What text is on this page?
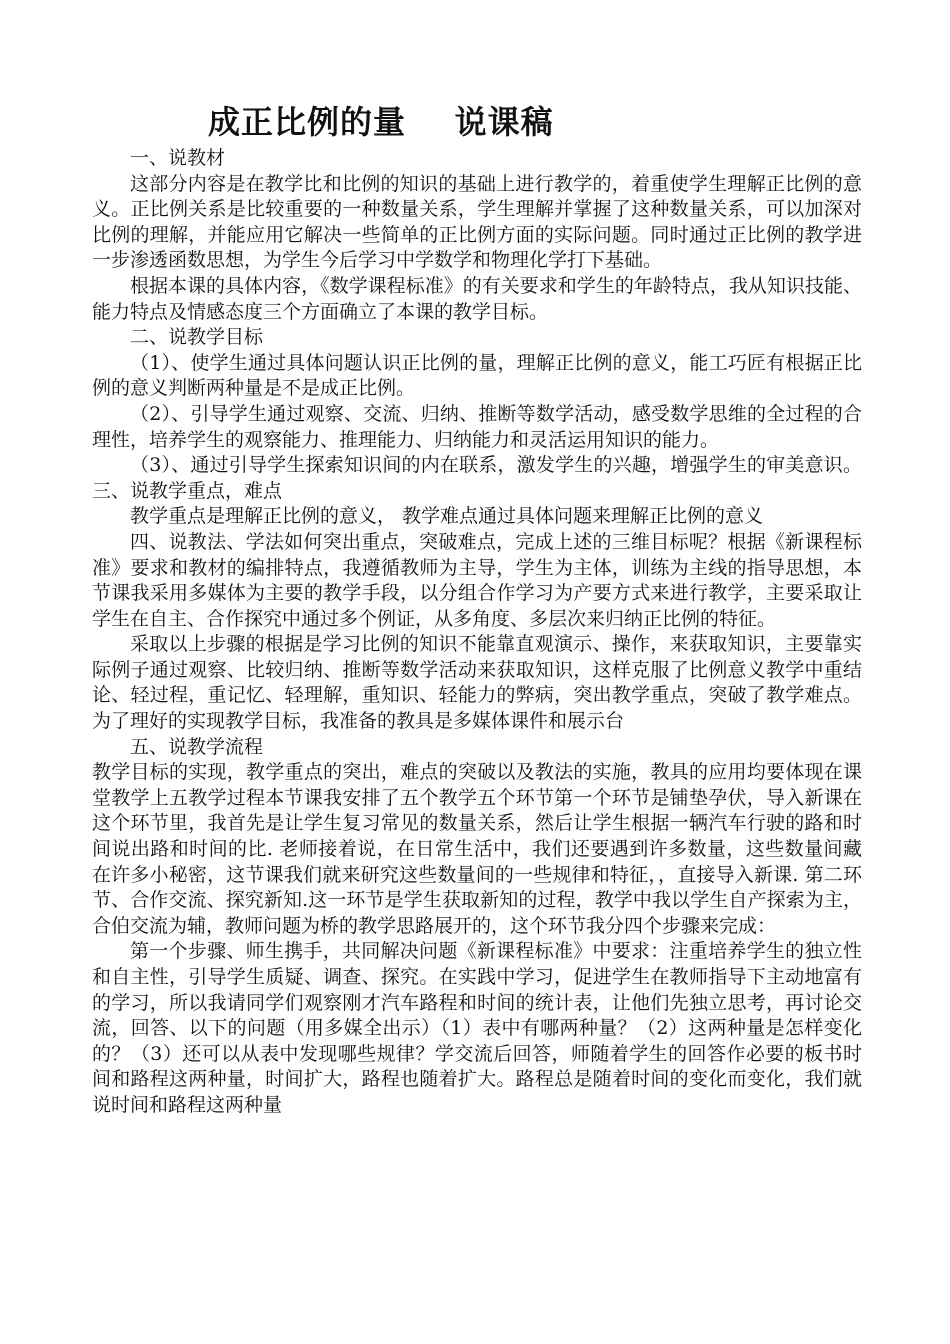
成正比例的量    说课稿

一、说教材

这部分内容是在教学比和比例的知识的基础上进行教学的，着重使学生理解正比例的意义。正比例关系是比较重要的一种数量关系，学生理解并掌握了这种数量关系，可以加深对比例的理解，并能应用它解决一些简单的正比例方面的实际问题。同时通过正比例的教学进一步渗透函数思想，为学生今后学习中学数学和物理化学打下基础。

根据本课的具体内容，《数学课程标准》的有关要求和学生的年龄特点，我从知识技能、能力特点及情感态度三个方面确立了本课的教学目标。

二、说教学目标

（1）、使学生通过具体问题认识正比例的量，理解正比例的意义，能工巧匠有根据正比例的意义判断两种量是不是成正比例。

（2）、引导学生通过观察、交流、归纳、推断等数学活动，感受数学思维的全过程的合理性，培养学生的观察能力、推理能力、归纳能力和灵活运用知识的能力。

（3）、通过引导学生探索知识间的内在联系，激发学生的兴趣，增强学生的审美意识。三、说教学重点，难点

教学重点是理解正比例的意义， 教学难点通过具体问题来理解正比例的意义

四、说教法、学法如何突出重点，突破难点，完成上述的三维目标呢？根据《新课程标准》要求和教材的编排特点，我遵循教师为主导，学生为主体，训练为主线的指导思想，本节课我采用多媒体为主要的教学手段，以分组合作学习为产要方式来进行教学，主要采取让学生在自主、合作探究中通过多个例证，从多角度、多层次来归纳正比例的特征。

采取以上步骤的根据是学习比例的知识不能靠直观演示、操作，来获取知识，主要靠实际例子通过观察、比较归纳、推断等数学活动来获取知识，这样克服了比例意义教学中重结论、轻过程，重记忆、轻理解，重知识、轻能力的弊病，突出教学重点，突破了教学难点。为了理好的实现教学目标，我准备的教具是多媒体课件和展示台

五、说教学流程

教学目标的实现，教学重点的突出，难点的突破以及教法的实施，教具的应用均要体现在课堂教学上五教学过程本节课我安排了五个教学五个环节第一个环节是铺垫孕伏，导入新课在这个环节里，我首先是让学生复习常见的数量关系，然后让学生根据一辆汽车行驶的路和时间说出路和时间的比. 老师接着说，在日常生活中，我们还要遇到许多数量，这些数量间藏在许多小秘密，这节课我们就来研究这些数量间的一些规律和特征，，直接导入新课. 第二环节、合作交流、探究新知.这一环节是学生获取新知的过程，教学中我以学生自产探索为主，合伯交流为辅，教师问题为桥的教学思路展开的，这个环节我分四个步骤来完成：

第一个步骤、师生携手，共同解决问题《新课程标准》中要求：注重培养学生的独立性和自主性，引导学生质疑、调查、探究。在实践中学习，促进学生在教师指导下主动地富有的学习，所以我请同学们观察刚才汽车路程和时间的统计表，让他们先独立思考，再讨论交流，回答、以下的问题（用多媒全出示）（1）表中有哪两种量？（2）这两种量是怎样变化的？（3）还可以从表中发现哪些规律？学交流后回答，师随着学生的回答作必要的板书时间和路程这两种量，时间扩大，路程也随着扩大。路程总是随着时间的变化而变化，我们就说时间和路程这两种量
